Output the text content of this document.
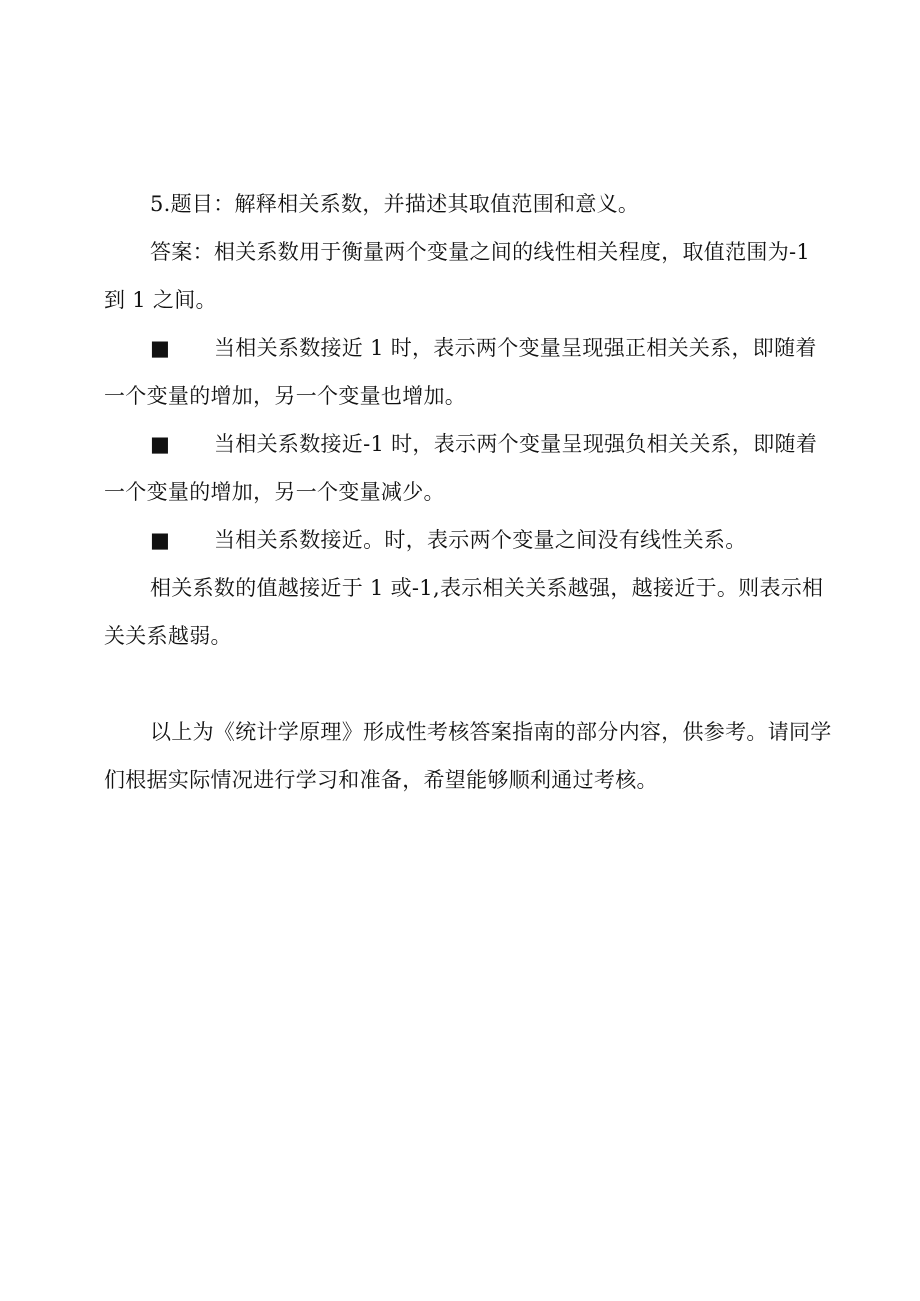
5.题目：解释相关系数，并描述其取值范围和意义。

答案：相关系数用于衡量两个变量之间的线性相关程度，取值范围为-1 到 1 之间。

■ 当相关系数接近 1 时，表示两个变量呈现强正相关关系，即随着一个变量的增加，另一个变量也增加。

■ 当相关系数接近-1 时，表示两个变量呈现强负相关关系，即随着一个变量的增加，另一个变量减少。

■ 当相关系数接近。时，表示两个变量之间没有线性关系。

相关系数的值越接近于 1 或-1,表示相关关系越强，越接近于。则表示相关关系越弱。

以上为《统计学原理》形成性考核答案指南的部分内容，供参考。请同学们根据实际情况进行学习和准备，希望能够顺利通过考核。
